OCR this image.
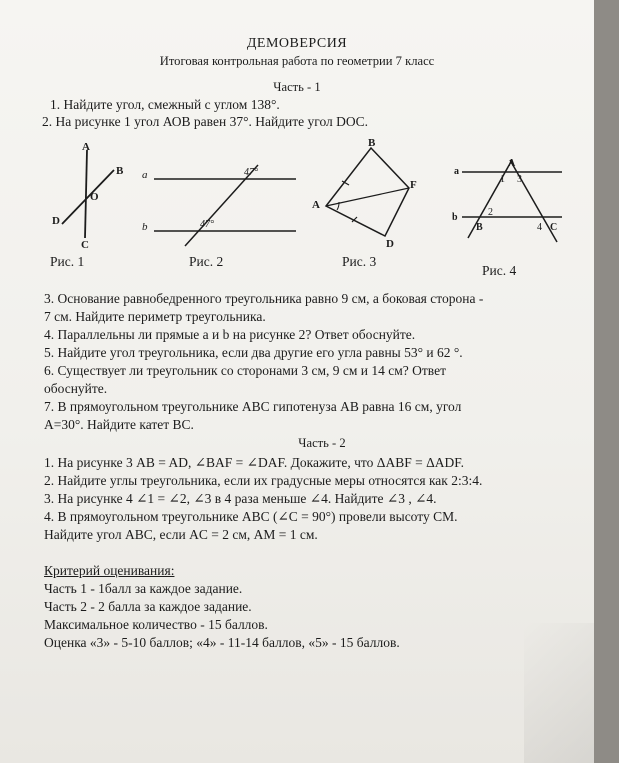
ДЕМОВЕРСИЯ
Итоговая контрольная работа по геометрии 7 класс
Часть - 1
1. Найдите угол, смежный с углом 138°.
2. На рисунке 1 угол АОВ равен 37°. Найдите угол DOC.
A
B
O
D
C
Рис. 1
a
b
47°
47°
Рис. 2
B
F
A
D
Рис. 3
a
A
1 3
b	2
B	4 C
Рис. 4
3. Основание равнобедренного треугольника равно 9 см, а боковая сторона -
7 см. Найдите периметр треугольника.
4. Параллельны ли прямые a и b на рисунке 2? Ответ обоснуйте.
5. Найдите угол треугольника, если два другие его угла равны 53° и 62 °.
6. Существует ли треугольник со сторонами 3 см, 9 см и 14 см? Ответ
обоснуйте.
7. В прямоугольном треугольнике АВС гипотенуза АВ равна 16 см, угол
А=30°. Найдите катет ВС.
Часть - 2
1. На рисунке 3 AB = AD, ∠BAF = ∠DAF. Докажите, что ΔABF = ΔADF.
2. Найдите углы треугольника, если их градусные меры относятся как 2:3:4.
3. На рисунке 4 ∠1 = ∠2, ∠3 в 4 раза меньше ∠4. Найдите ∠3 , ∠4.
4. В прямоугольном треугольнике ABC (∠C = 90°) провели высоту СМ.
Найдите угол ABC, если AC = 2 см, AM = 1 см.
Критерий оценивания:
Часть 1 - 1балл за каждое задание.
Часть 2 - 2 балла за каждое задание.
Максимальное количество - 15 баллов.
Оценка «3» - 5-10 баллов; «4» - 11-14 баллов, «5» - 15 баллов.
